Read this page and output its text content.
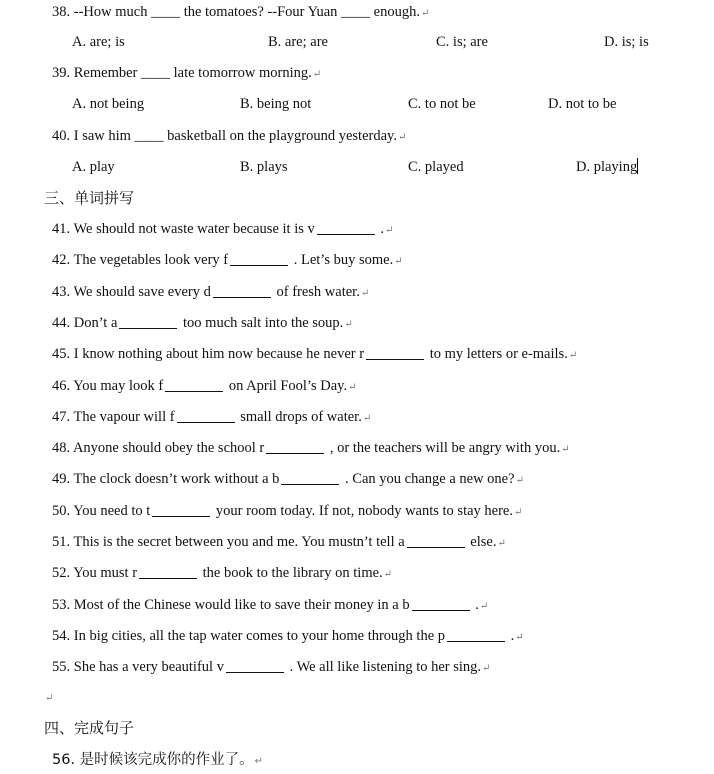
38. --How much ____ the tomatoes? --Four Yuan ____ enough.↵
A. are; is	B. are; are	C. is; are	D. is; is
39. Remember ____ late tomorrow morning.↵
A. not being	B. being not	C. to not be	D. not to be
40. I saw him ____ basketball on the playground yesterday.↵
A. play	B. plays	C. played	D. playing
三、单词拼写
41. We should not waste water because it is v	.↵
42. The vegetables look very f	. Let’s buy some.↵
43. We should save every d	of fresh water.↵
44. Don’t a	too much salt into the soup.↵
45. I know nothing about him now because he never r	to my letters or e-mails.↵
46. You may look f	on April Fool’s Day.↵
47. The vapour will f	small drops of water.↵
48. Anyone should obey the school r	, or the teachers will be angry with you.↵
49. The clock doesn’t work without a b	. Can you change a new one?↵
50. You need to t	your room today. If not, nobody wants to stay here.↵
51. This is the secret between you and me. You mustn’t tell a	else.↵
52. You must r	the book to the library on time.↵
53. Most of the Chinese would like to save their money in a b	.↵
54. In big cities, all the tap water comes to your home through the p	.↵
55. She has a very beautiful v	. We all like listening to her sing.↵
↵
四、完成句子
56. 是时候该完成你的作业了。↵
